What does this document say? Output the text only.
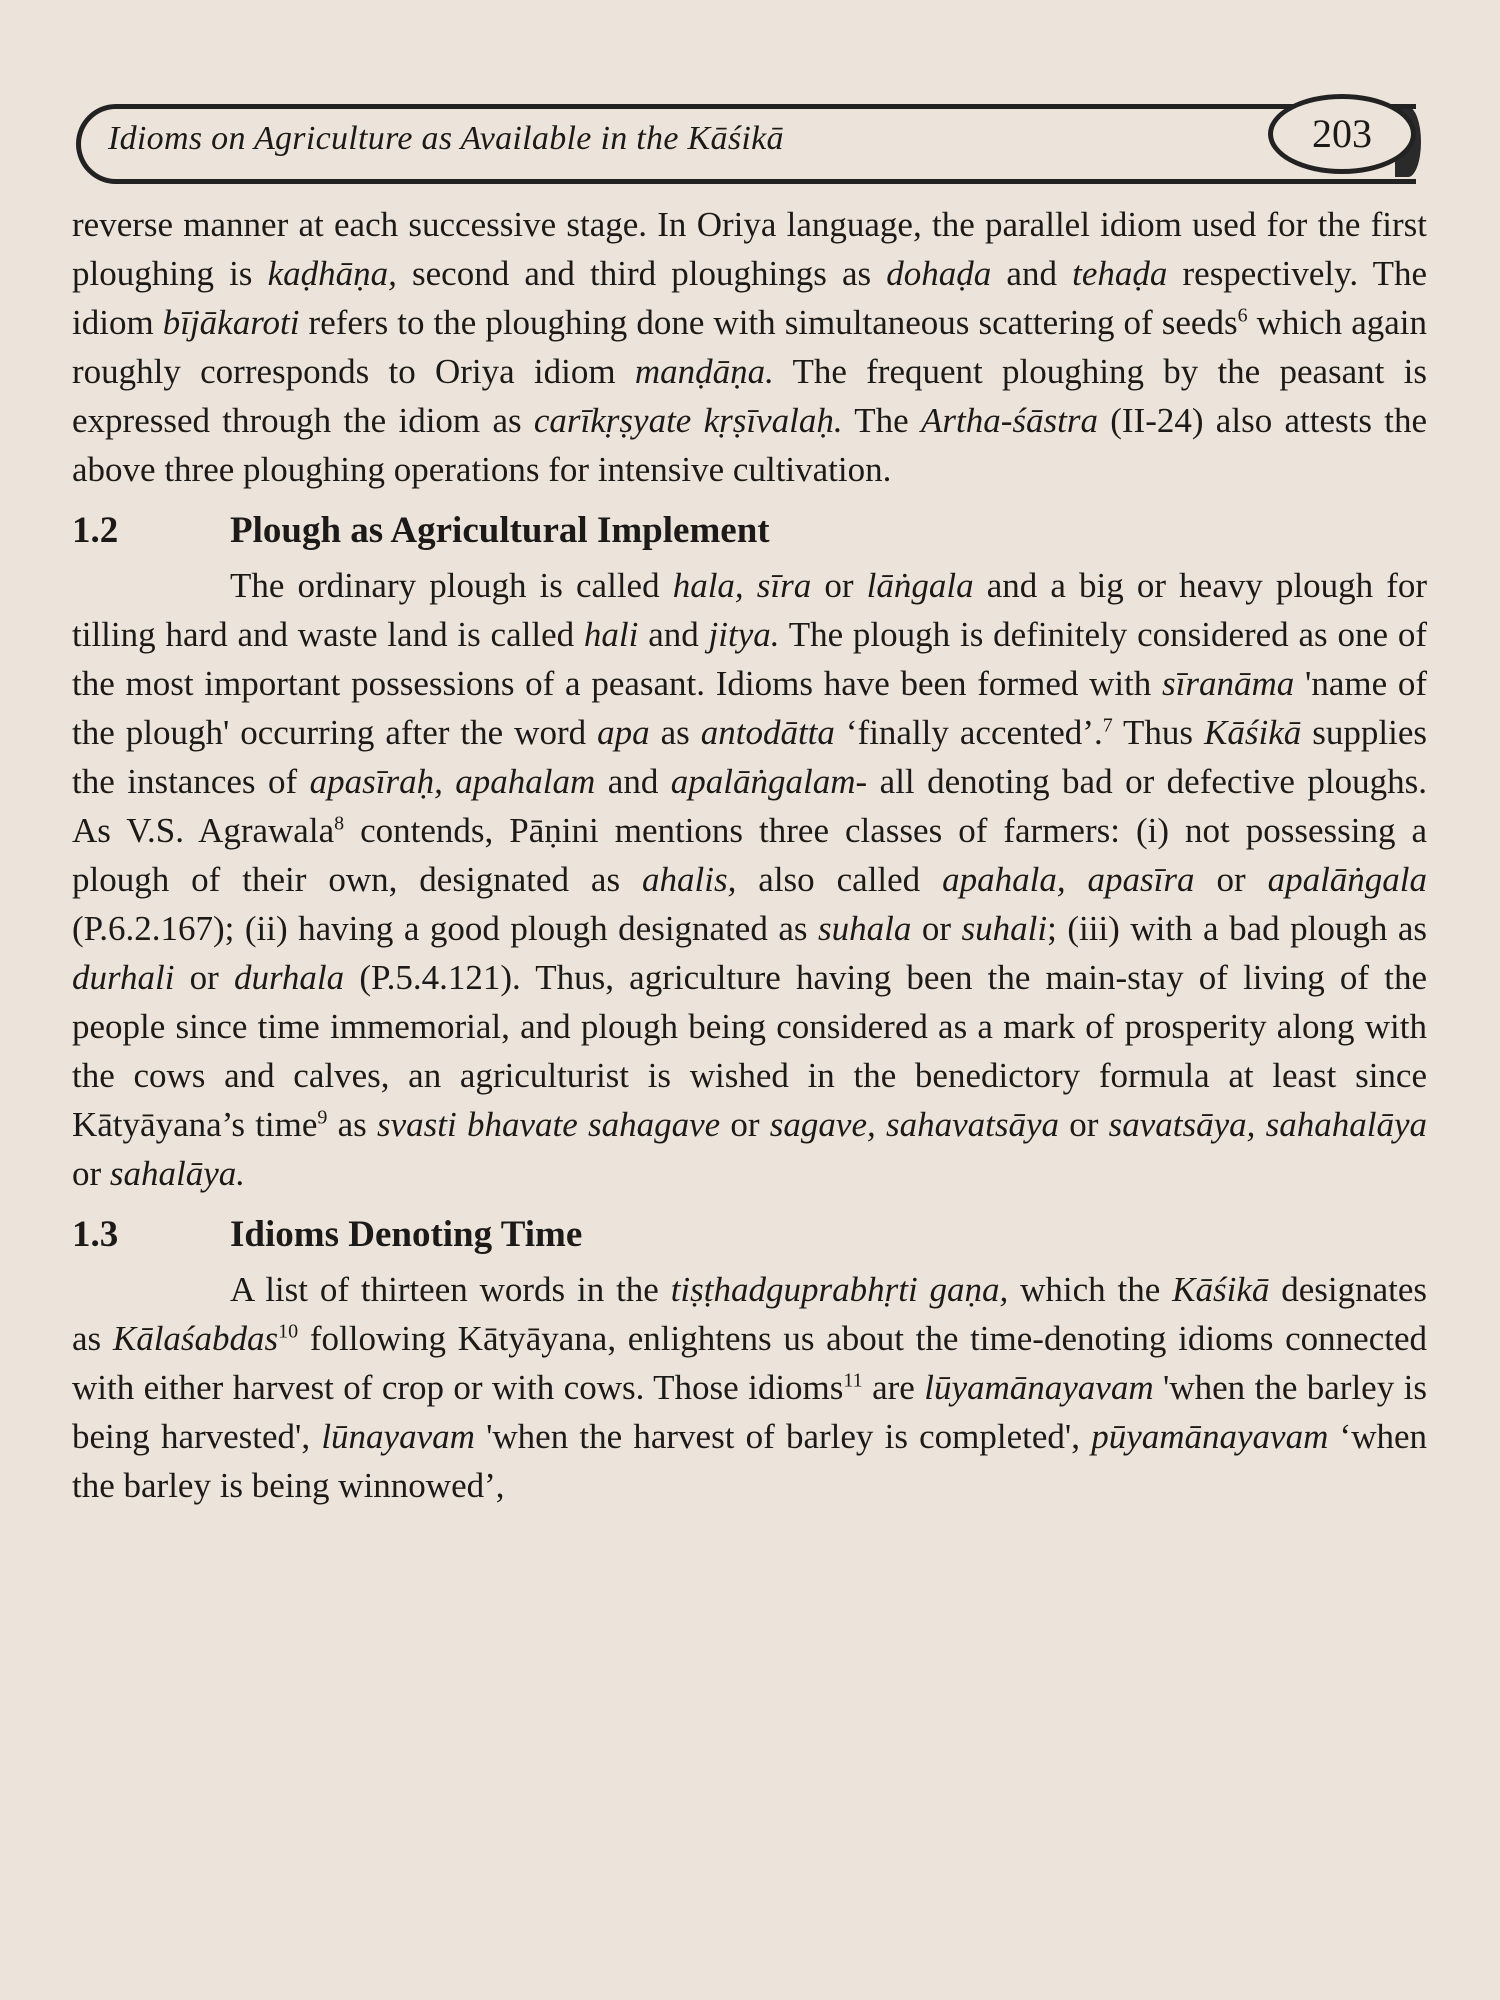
Idioms on Agriculture as Available in the Kāśikā	203

reverse manner at each successive stage. In Oriya language, the parallel idiom used for the first ploughing is kaḍhāṇa, second and third ploughings as dohaḍa and tehaḍa respectively. The idiom bījākaroti refers to the ploughing done with simultaneous scattering of seeds$^6$ which again roughly corresponds to Oriya idiom manḍāṇa. The frequent ploughing by the peasant is expressed through the idiom as carīkṛṣyate kṛṣīvalaḥ. The Artha-śāstra (II-24) also attests the above three ploughing operations for intensive cultivation.

1.2	Plough as Agricultural Implement

The ordinary plough is called hala, sīra or lāṅgala and a big or heavy plough for tilling hard and waste land is called hali and jitya. The plough is definitely considered as one of the most important possessions of a peasant. Idioms have been formed with sīranāma 'name of the plough' occurring after the word apa as antodātta ‘finally accented’.$^7$ Thus Kāśikā supplies the instances of apasīraḥ, apahalam and apalāṅgalam- all denoting bad or defective ploughs. As V.S. Agrawala$^8$ contends, Pāṇini mentions three classes of farmers: (i) not possessing a plough of their own, designated as ahalis, also called apahala, apasīra or apalāṅgala (P.6.2.167); (ii) having a good plough designated as suhala or suhali; (iii) with a bad plough as durhali or durhala (P.5.4.121). Thus, agriculture having been the main-stay of living of the people since time immemorial, and plough being considered as a mark of prosperity along with the cows and calves, an agriculturist is wished in the benedictory formula at least since Kātyāyana’s time$^9$ as svasti bhavate sahagave or sagave, sahavatsāya or savatsāya, sahahalāya or sahalāya.

1.3	Idioms Denoting Time

A list of thirteen words in the tiṣṭhadguprabhṛti gaṇa, which the Kāśikā designates as Kālaśabdas$^{10}$ following Kātyāyana, enlightens us about the time-denoting idioms connected with either harvest of crop or with cows. Those idioms$^{11}$ are lūyamānayavam 'when the barley is being harvested', lūnayavam 'when the harvest of barley is completed', pūyamānayavam ‘when the barley is being winnowed’,
